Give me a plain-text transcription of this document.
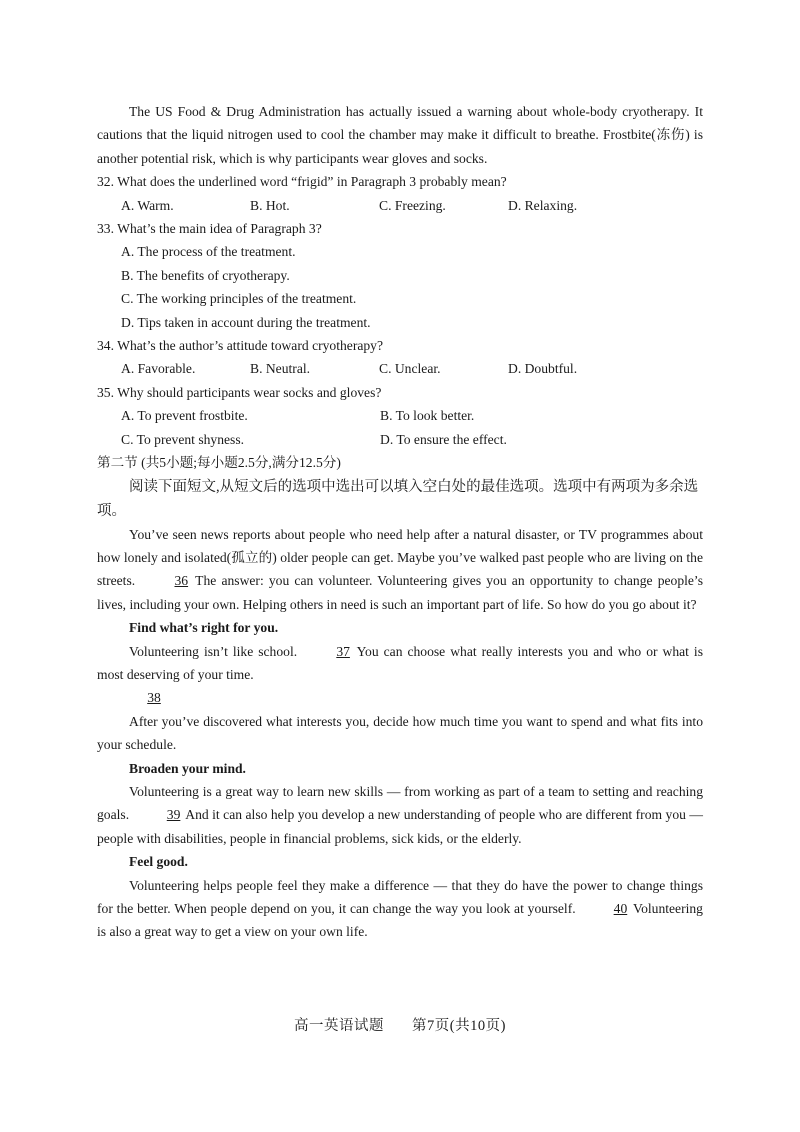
The US Food & Drug Administration has actually issued a warning about whole-body cryotherapy. It cautions that the liquid nitrogen used to cool the chamber may make it difficult to breathe. Frostbite(冻伤) is another potential risk, which is why participants wear gloves and socks.

32. What does the underlined word “frigid” in Paragraph 3 probably mean?

A. Warm.	B. Hot.	C. Freezing.	D. Relaxing.

33. What’s the main idea of Paragraph 3?

A. The process of the treatment.
B. The benefits of cryotherapy.
C. The working principles of the treatment.
D. Tips taken in account during the treatment.

34. What’s the author’s attitude toward cryotherapy?

A. Favorable.	B. Neutral.	C. Unclear.	D. Doubtful.

35. Why should participants wear socks and gloves?

A. To prevent frostbite.	B. To look better.
C. To prevent shyness.	D. To ensure the effect.

第二节 (共5小题;每小题2.5分,满分12.5分)

阅读下面短文,从短文后的选项中选出可以填入空白处的最佳选项。选项中有两项为多余选项。

You’ve seen news reports about people who need help after a natural disaster, or TV programmes about how lonely and isolated(孤立的) older people can get. Maybe you’ve walked past people who are living on the streets.	36 The answer: you can volunteer. Volunteering gives you an opportunity to change people’s lives, including your own. Helping others in need is such an important part of life. So how do you go about it?

Find what’s right for you.

Volunteering isn’t like school.	37 You can choose what really interests you and who or what is most deserving of your time.

38

After you’ve discovered what interests you, decide how much time you want to spend and what fits into your schedule.

Broaden your mind.

Volunteering is a great way to learn new skills — from working as part of a team to setting and reaching goals.	39 And it can also help you develop a new understanding of people who are different from you — people with disabilities, people in financial problems, sick kids, or the elderly.

Feel good.

Volunteering helps people feel they make a difference — that they do have the power to change things for the better. When people depend on you, it can change the way you look at yourself.	40 Volunteering is also a great way to get a view on your own life.

高一英语试题 第7页(共10页)
